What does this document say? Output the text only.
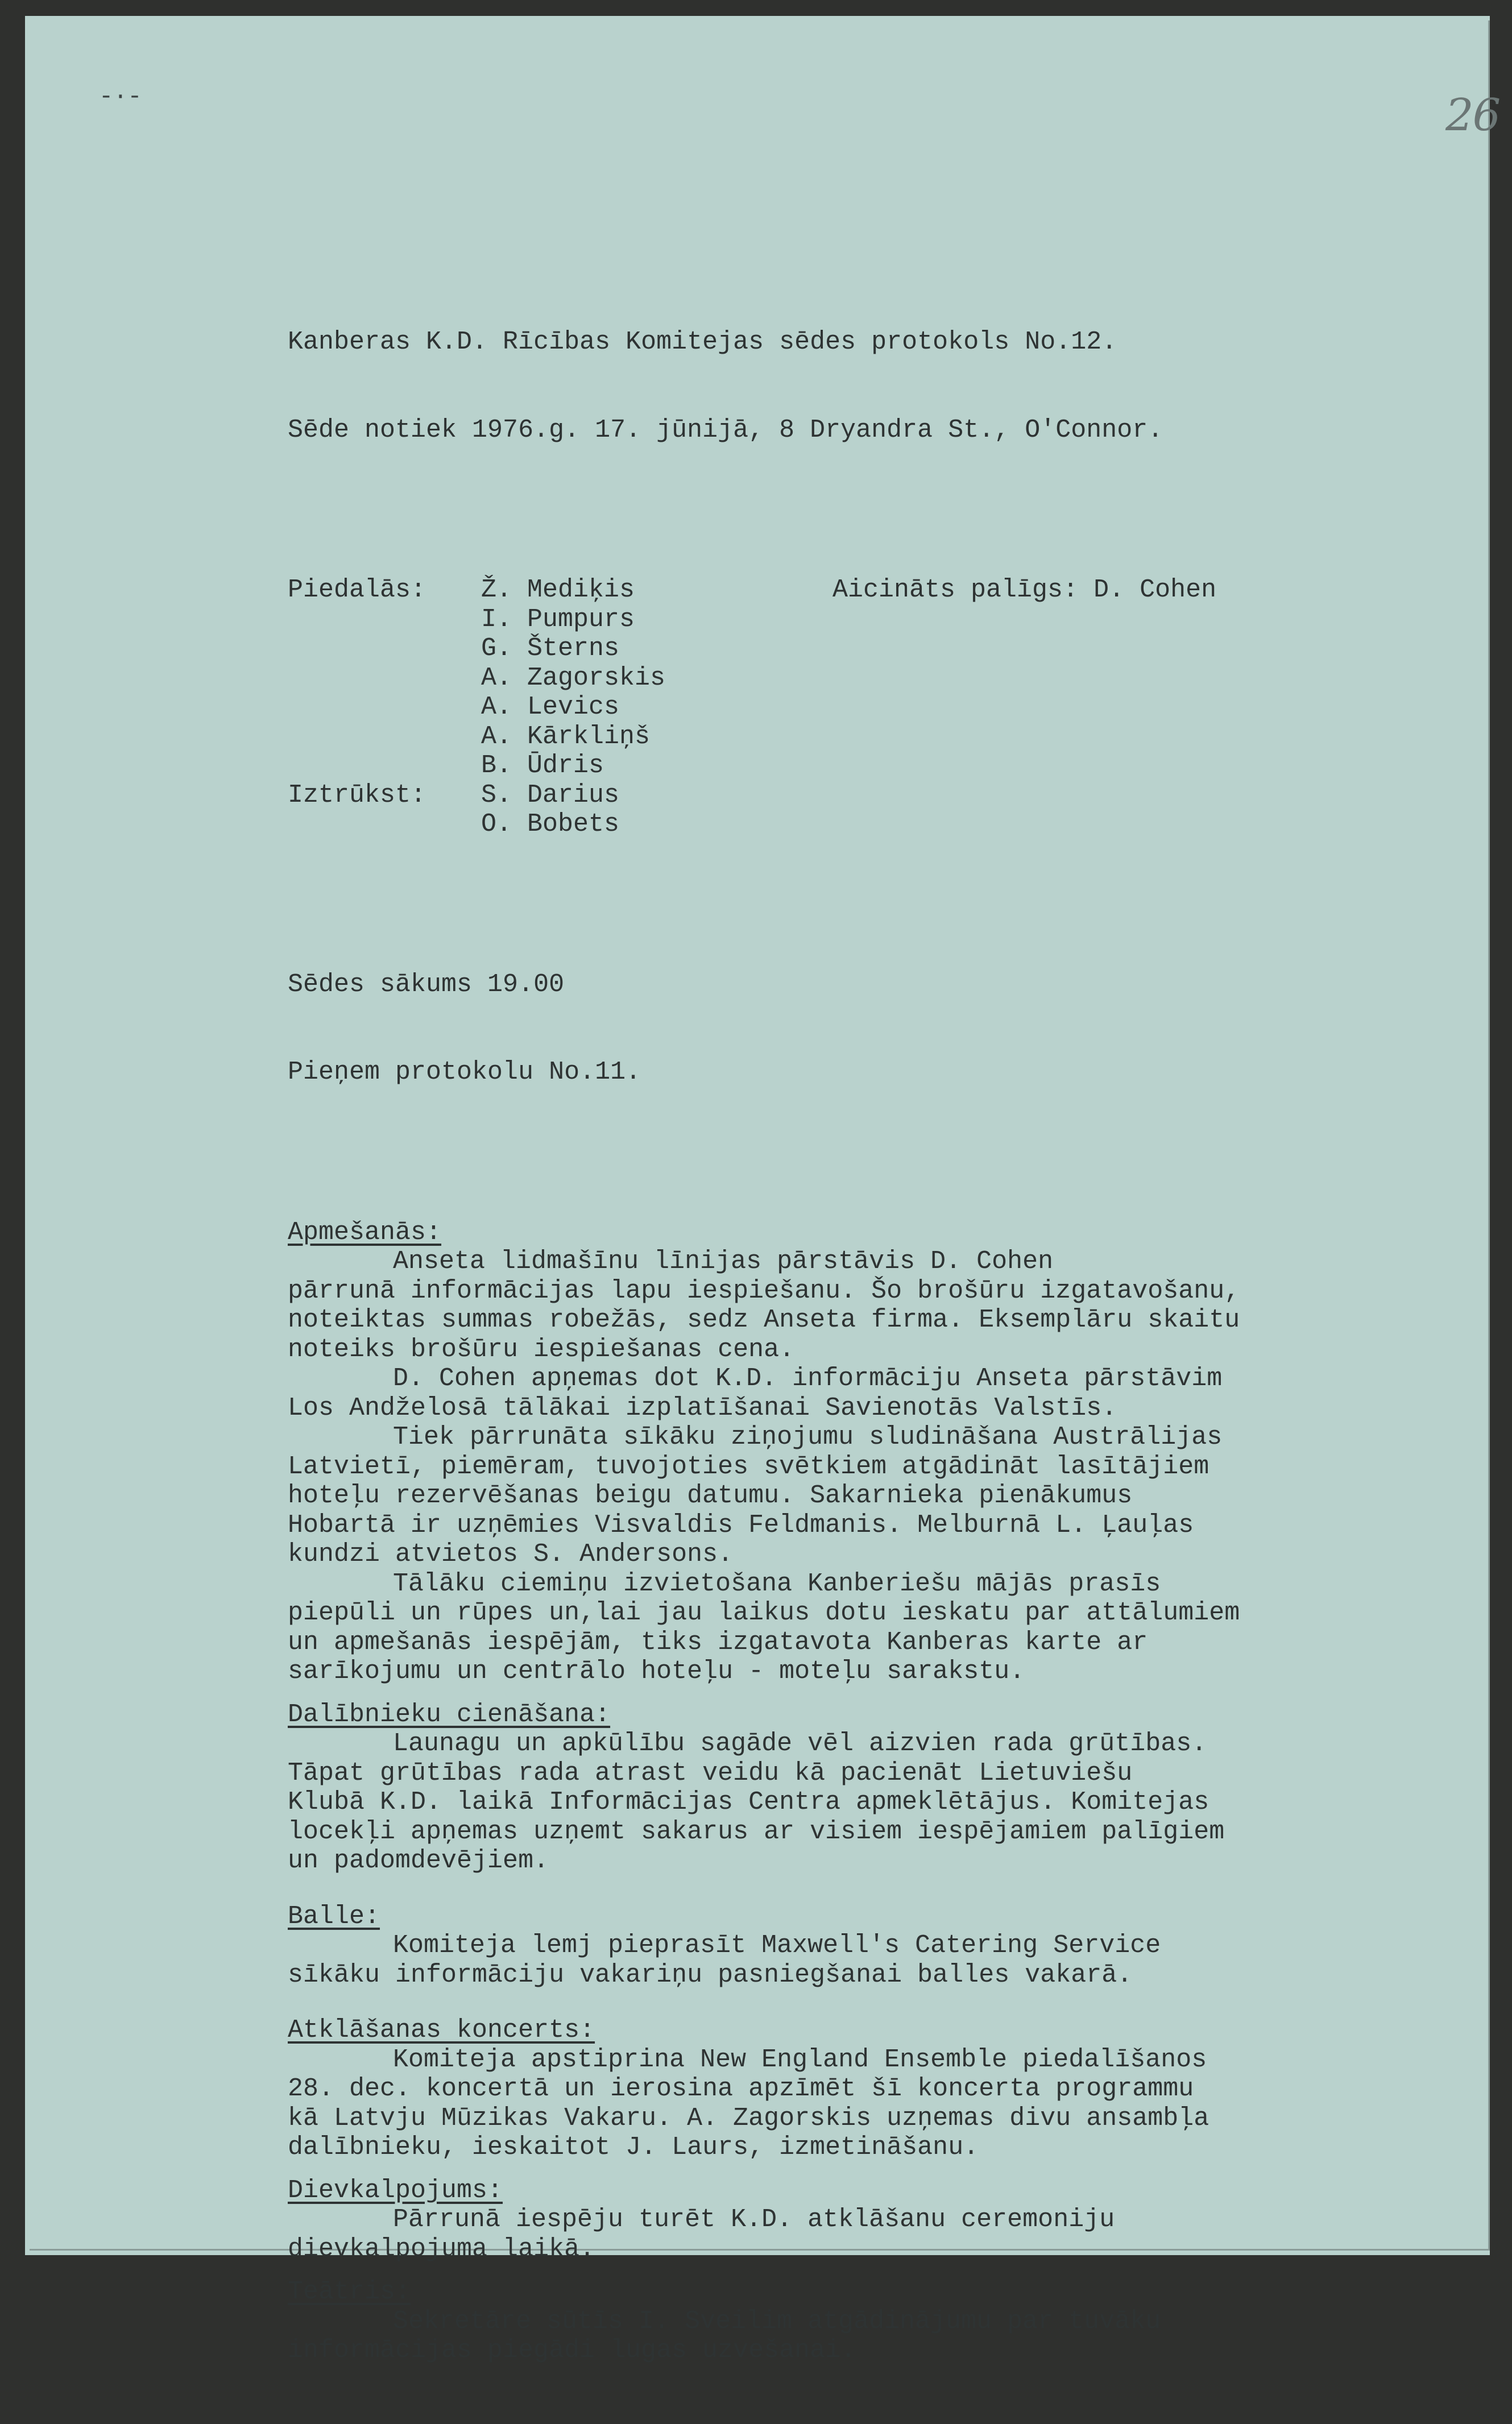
-·-	26

Kanberas K.D. Rīcības Komitejas sēdes protokols No.12.

Sēde notiek 1976.g. 17. jūnijā, 8 Dryandra St., O'Connor.

Piedalās:	Aicināts palīgs: D. Cohen
Ž. Mediķis
I. Pumpurs
G. Šterns
A. Zagorskis
A. Levics
A. Kārkliņš
B. Ūdris
Iztrūkst: S. Darius
O. Bobets

Sēdes sākums 19.00

Pieņem protokolu No.11.

Apmešanās:
Anseta lidmašīnu līnijas pārstāvis D. Cohen
pārrunā informācijas lapu iespiešanu. Šo brošūru izgatavošanu,
noteiktas summas robežās, sedz Anseta firma. Eksemplāru skaitu
noteiks brošūru iespiešanas cena.
D. Cohen apņemas dot K.D. informāciju Anseta pārstāvim
Los Andželosā tālākai izplatīšanai Savienotās Valstīs.
Tiek pārrunāta sīkāku ziņojumu sludināšana Austrālijas
Latvietī, piemēram, tuvojoties svētkiem atgādināt lasītājiem
hoteļu rezervēšanas beigu datumu. Sakarnieka pienākumus
Hobartā ir uzņēmies Visvaldis Feldmanis. Melburnā L. Ļauļas
kundzi atvietos S. Andersons.
Tālāku ciemiņu izvietošana Kanberiešu mājās prasīs
piepūli un rūpes un,lai jau laikus dotu ieskatu par attālumiem
un apmešanās iespējām, tiks izgatavota Kanberas karte ar
sarīkojumu un centrālo hoteļu - moteļu sarakstu.
Dalībnieku cienāšana:
Launagu un apkūlību sagāde vēl aizvien rada grūtības.
Tāpat grūtības rada atrast veidu kā pacienāt Lietuviešu
Klubā K.D. laikā Informācijas Centra apmeklētājus. Komitejas
locekļi apņemas uzņemt sakarus ar visiem iespējamiem palīgiem
un padomdevējiem.
Balle:
Komiteja lemj pieprasīt Maxwell's Catering Service
sīkāku informāciju vakariņu pasniegšanai balles vakarā.
Atklāšanas koncerts:
Komiteja apstiprina New England Ensemble piedalīšanos
28. dec. koncertā un ierosina apzīmēt šī koncerta programmu
kā Latvju Mūzikas Vakaru. A. Zagorskis uzņemas divu ansambļa
dalībnieku, ieskaitot J. Laurs, izmetināšanu.
Dievkalpojums:
Pārrunā iespēju turēt K.D. atklāšanu ceremoniju
dievkalpojuma laikā.
Teātris:
Sekretāre sūtīs I. Sveilim atgādinājumu par tuvāku
informācijas piegādi lugas uzvešanai.
